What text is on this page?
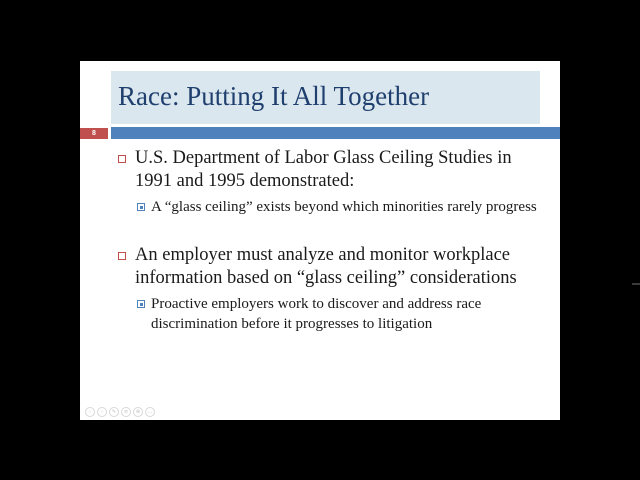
Race: Putting It All Together
8
U.S. Department of Labor Glass Ceiling Studies in 1991 and 1995 demonstrated:
A “glass ceiling” exists beyond which minorities rarely progress
An employer must analyze and monitor workplace information based on “glass ceiling” considerations
Proactive employers work to discover and address race discrimination before it progresses to litigation
‹	›	✎	≡	⊕	…
